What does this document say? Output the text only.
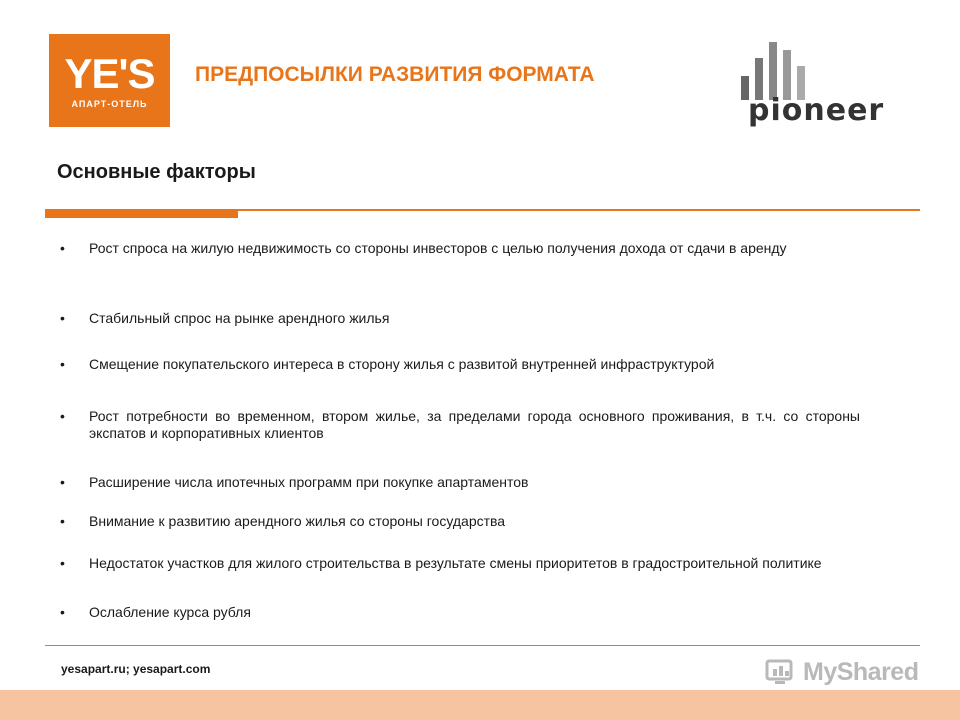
YE'S
АПАРТ-ОТЕЛЬ
ПРЕДПОСЫЛКИ РАЗВИТИЯ ФОРМАТА
pioneer
Основные факторы
• Рост спроса на жилую недвижимость со стороны инвесторов с целью получения дохода от сдачи в аренду
• Стабильный спрос на рынке арендного жилья
• Смещение покупательского интереса в сторону жилья с развитой внутренней инфраструктурой
• Рост потребности во временном, втором жилье, за пределами города основного проживания, в т.ч. со стороны экспатов и корпоративных клиентов
• Расширение числа ипотечных программ при покупке апартаментов
• Внимание к развитию арендного жилья со стороны государства
• Недостаток участков для жилого строительства в результате смены приоритетов в градостроительной политике
• Ослабление курса рубля
yesapart.ru; yesapart.com	MyShared
